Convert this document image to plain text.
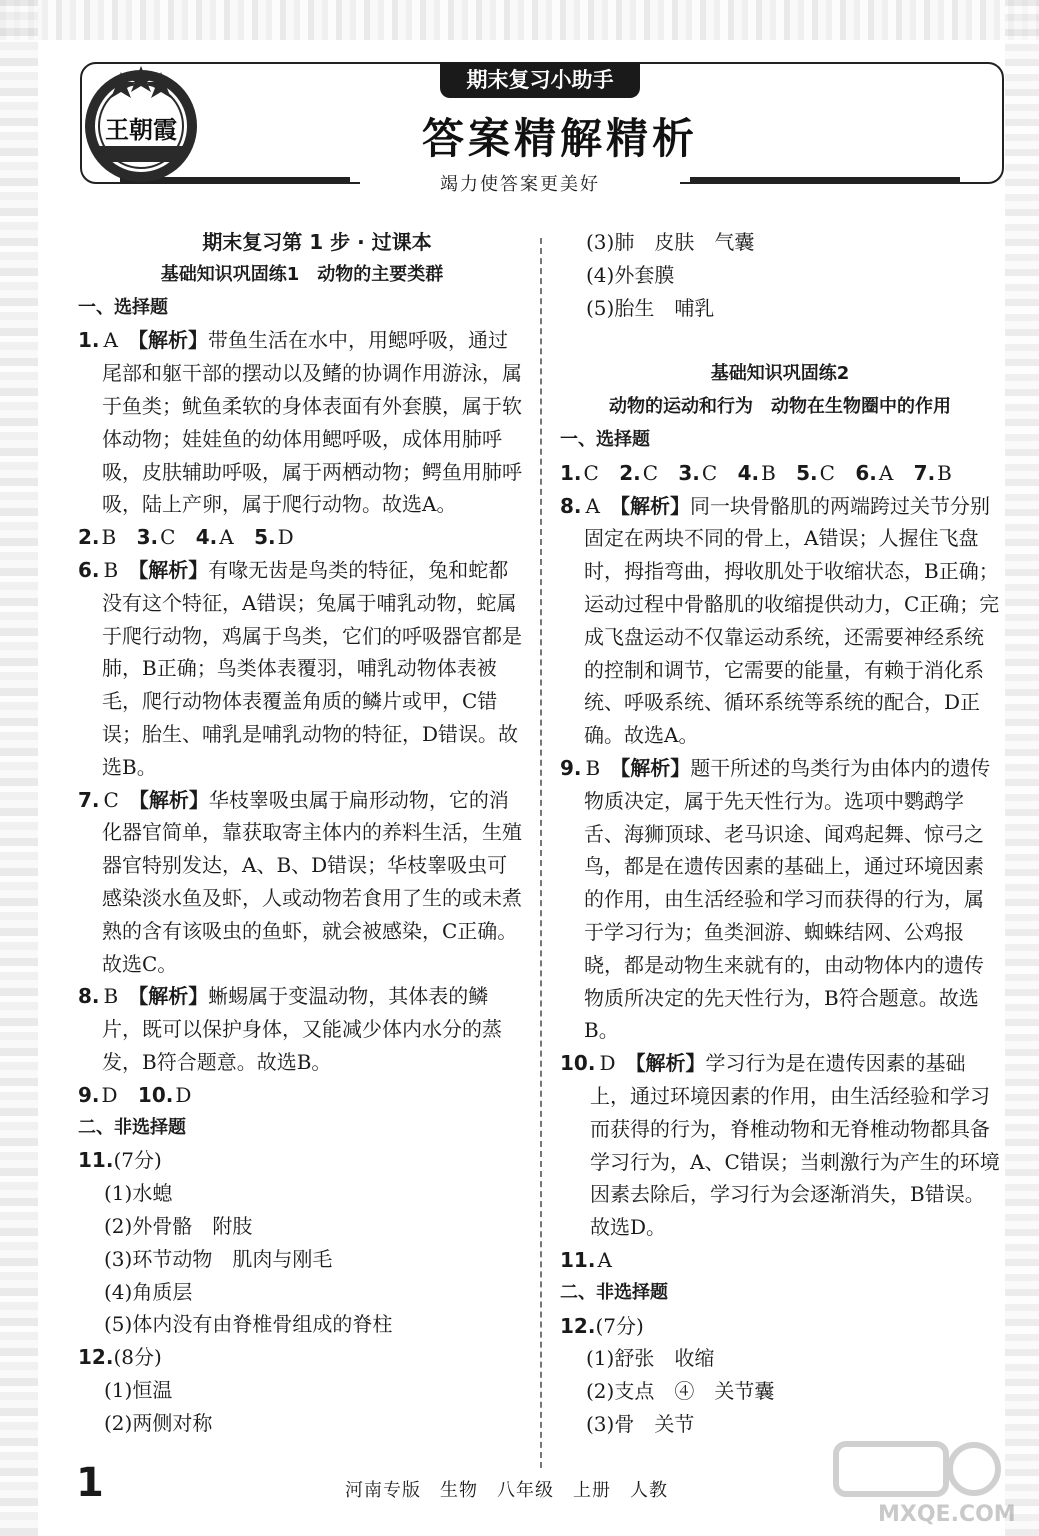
王朝霞
期末复习小助手
答案精解精析
竭力使答案更美好
期末复习第 1 步 · 过课本
基础知识巩固练1　动物的主要类群
一、选择题
1. A 【解析】带鱼生活在水中，用鳃呼吸，通过尾部和躯干部的摆动以及鳍的协调作用游泳，属于鱼类；鱿鱼柔软的身体表面有外套膜，属于软体动物；娃娃鱼的幼体用鳃呼吸，成体用肺呼吸，皮肤辅助呼吸，属于两栖动物；鳄鱼用肺呼吸，陆上产卵，属于爬行动物。故选A。
2. B 3. C 4. A 5. D
6. B 【解析】有喙无齿是鸟类的特征，兔和蛇都没有这个特征，A错误；兔属于哺乳动物，蛇属于爬行动物，鸡属于鸟类，它们的呼吸器官都是肺，B正确；鸟类体表覆羽，哺乳动物体表被毛，爬行动物体表覆盖角质的鳞片或甲，C错误；胎生、哺乳是哺乳动物的特征，D错误。故选B。
7. C 【解析】华枝睾吸虫属于扁形动物，它的消化器官简单，靠获取寄主体内的养料生活，生殖器官特别发达，A、B、D错误；华枝睾吸虫可感染淡水鱼及虾，人或动物若食用了生的或未煮熟的含有该吸虫的鱼虾，就会被感染，C正确。故选C。
8. B 【解析】蜥蜴属于变温动物，其体表的鳞片，既可以保护身体，又能减少体内水分的蒸发，B符合题意。故选B。
9. D 10. D
二、非选择题
11.(7分)
(1)水螅
(2)外骨骼　附肢
(3)环节动物　肌肉与刚毛
(4)角质层
(5)体内没有由脊椎骨组成的脊柱
12.(8分)
(1)恒温
(2)两侧对称
(3)肺　皮肤　气囊
(4)外套膜
(5)胎生　哺乳
基础知识巩固练2
动物的运动和行为　动物在生物圈中的作用
一、选择题
1. C 2. C 3. C 4. B 5. C 6. A 7. B
8. A 【解析】同一块骨骼肌的两端跨过关节分别固定在两块不同的骨上，A错误；人握住飞盘时，拇指弯曲，拇收肌处于收缩状态，B正确；运动过程中骨骼肌的收缩提供动力，C正确；完成飞盘运动不仅靠运动系统，还需要神经系统的控制和调节，它需要的能量，有赖于消化系统、呼吸系统、循环系统等系统的配合，D正确。故选A。
9. B 【解析】题干所述的鸟类行为由体内的遗传物质决定，属于先天性行为。选项中鹦鹉学舌、海狮顶球、老马识途、闻鸡起舞、惊弓之鸟，都是在遗传因素的基础上，通过环境因素的作用，由生活经验和学习而获得的行为，属于学习行为；鱼类洄游、蜘蛛结网、公鸡报晓，都是动物生来就有的，由动物体内的遗传物质所决定的先天性行为，B符合题意。故选B。
10. D 【解析】学习行为是在遗传因素的基础上，通过环境因素的作用，由生活经验和学习而获得的行为，脊椎动物和无脊椎动物都具备学习行为，A、C错误；当刺激行为产生的环境因素去除后，学习行为会逐渐消失，B错误。故选D。
11. A
二、非选择题
12.(7分)
(1)舒张　收缩
(2)支点　④　关节囊
(3)骨　关节
1	河南专版　生物　八年级　上册　人教
MXQE.COM
